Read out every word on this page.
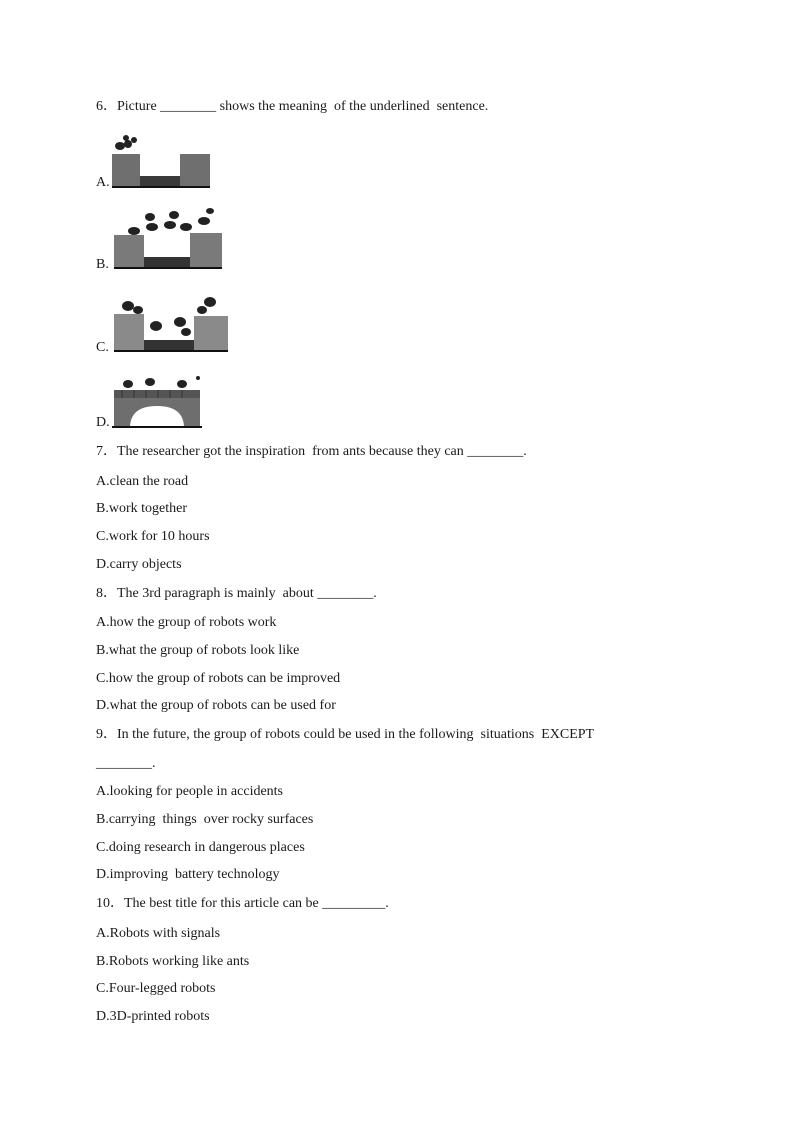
6．Picture ________ shows the meaning  of the underlined  sentence.
A.
B.
C.
D.
7．The researcher got the inspiration  from ants because they can ________.
A.clean the road
B.work together
C.work for 10 hours
D.carry objects
8．The 3rd paragraph is mainly  about ________.
A.how the group of robots work
B.what the group of robots look like
C.how the group of robots can be improved
D.what the group of robots can be used for
9．In the future, the group of robots could be used in the following  situations  EXCEPT
________.
A.looking for people in accidents
B.carrying  things  over rocky surfaces
C.doing research in dangerous places
D.improving  battery technology
10．The best title for this article can be _________.
A.Robots with signals
B.Robots working like ants
C.Four-legged robots
D.3D-printed robots
